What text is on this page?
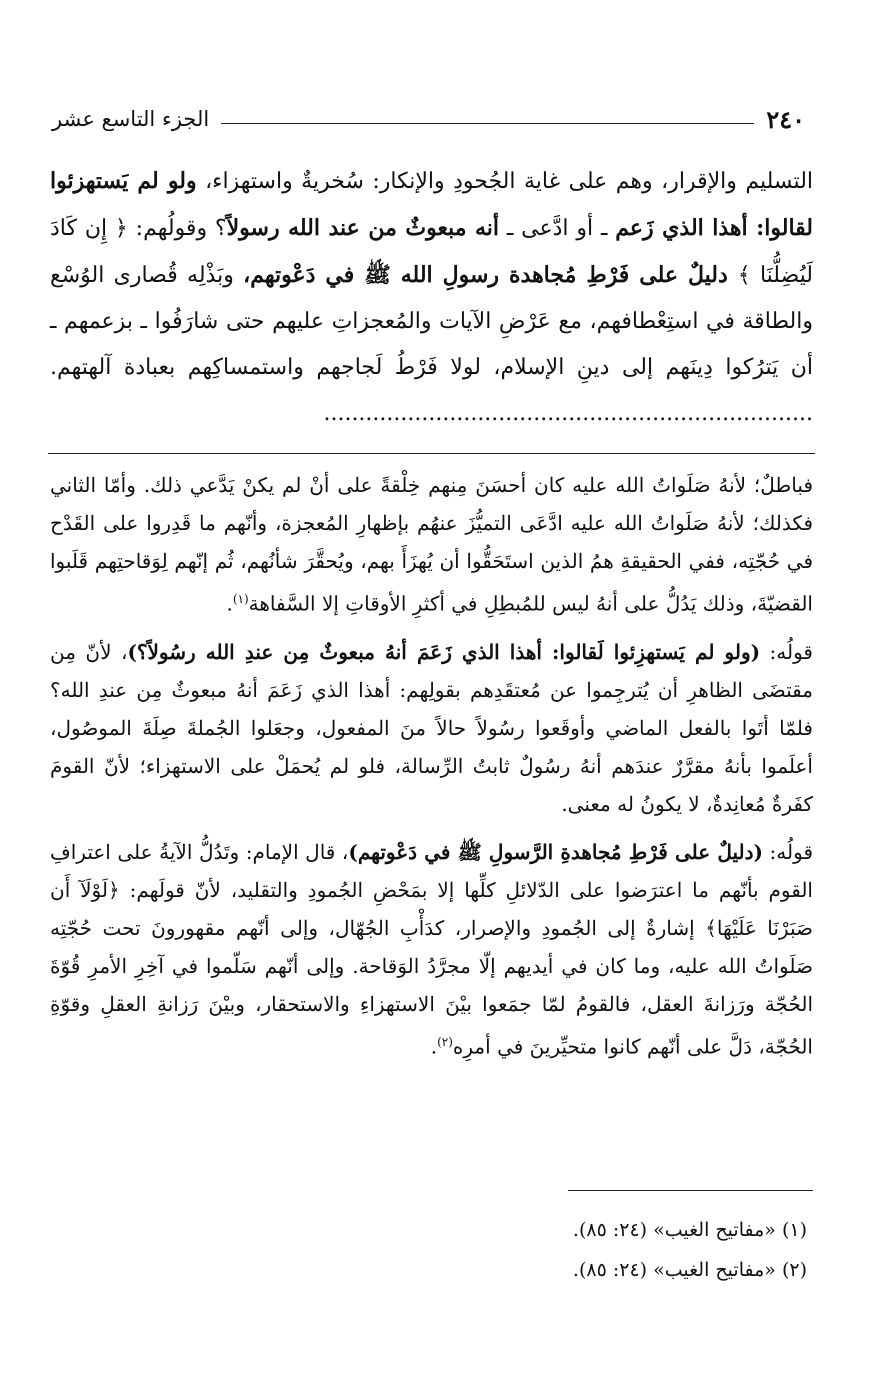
٢٤٠
الجزء التاسع عشر

التسليم والإقرار، وهم على غاية الجُحودِ والإنكار: سُخريةٌ واستهزاء، ولو لم يَستهزئوا لقالوا: أهذا الذي زَعم ـ أو ادَّعى ـ أنه مبعوثٌ من عند الله رسولاً؟ وقولُهم: ﴿ إِن كَادَ لَيُضِلُّنَا ﴾ دليلٌ على فَرْطِ مُجاهدة رسولِ الله ﷺ في دَعْوتهم، وبَذْلِه قُصارى الوُسْع والطاقة في استِعْطافهم، مع عَرْضِ الآيات والمُعجزاتِ عليهم حتى شارَفُوا ـ بزعمهم ـ أن يَترُكوا دِينَهم إلى دينِ الإسلام، لولا فَرْطُ لَجاجهم واستمساكِهم بعبادة آلهتهم. ......................................................................

فباطلٌ؛ لأنهُ صَلَواتُ الله عليه كان أحسَنَ مِنهم خِلْقةً على أنْ لم يكنْ يَدَّعي ذلك. وأمّا الثاني فكذلك؛ لأنهُ صَلَواتُ الله عليه ادَّعَى التميُّزَ عنهُم بإظهارِ المُعجزة، وأنّهم ما قَدِروا على القَدْح في حُجّتِه، ففي الحقيقةِ همُ الذين استَحَقُّوا أن يُهزَأَ بهم، ويُحقَّرَ شأنُهم، ثُم إنّهم لِوَقاحتِهم قَلَبوا القضيّةَ، وذلك يَدُلُّ على أنهُ ليس للمُبطِلِ في أكثرِ الأوقاتِ إلا السَّفاهة$^{(١)}$.

قولُه: (ولو لم يَستهزِئوا لَقالوا: أهذا الذي زَعَمَ أنهُ مبعوثٌ مِن عندِ الله رسُولاً؟)، لأنّ مِن مقتضَى الظاهرِ أن يُترجِموا عن مُعتقَدِهم بقولِهم: أهذا الذي زَعَمَ أنهُ مبعوثٌ مِن عندِ الله؟ فلمّا أتَوا بالفعل الماضي وأوقَعوا رسُولاً حالاً منَ المفعول، وجعَلوا الجُملةَ صِلَةَ الموصُول، أعلَموا بأنهُ مقرَّرٌ عندَهم أنهُ رسُولٌ ثابتُ الرِّسالة، فلو لم يُحمَلْ على الاستهزاء؛ لأنّ القومَ كفَرةٌ مُعانِدةٌ، لا يكونُ له معنى.

قولُه: (دليلٌ على فَرْطِ مُجاهدةِ الرَّسولِ ﷺ في دَعْوتهم)، قال الإمام: وتَدُلُّ الآيةُ على اعترافِ القوم بأنّهم ما اعترَضوا على الدّلائلِ كلِّها إلا بمَحْضِ الجُمودِ والتقليد، لأنّ قولَهم: ﴿لَوْلَآ أَن صَبَرْنَا عَلَيْهَا﴾ إشارةٌ إلى الجُمودِ والإصرار، كدَأْبِ الجُهّال، وإلى أنّهم مقهورونَ تحت حُجّتِه صَلَواتُ الله عليه، وما كان في أيديهم إلّا مجرَّدُ الوَقاحة. وإلى أنّهم سَلّموا في آخِرِ الأمرِ قُوّةَ الحُجّة ورَزانةَ العقل، فالقومُ لمّا جمَعوا بيْنَ الاستهزاءِ والاستحقار، وبيْنَ رَزانةِ العقلِ وقوّةِ الحُجّة، دَلَّ على أنّهم كانوا متحيِّرينَ في أمرِه$^{(٢)}$.

(١) «مفاتيح الغيب» (٢٤: ٨٥).
(٢) «مفاتيح الغيب» (٢٤: ٨٥).
